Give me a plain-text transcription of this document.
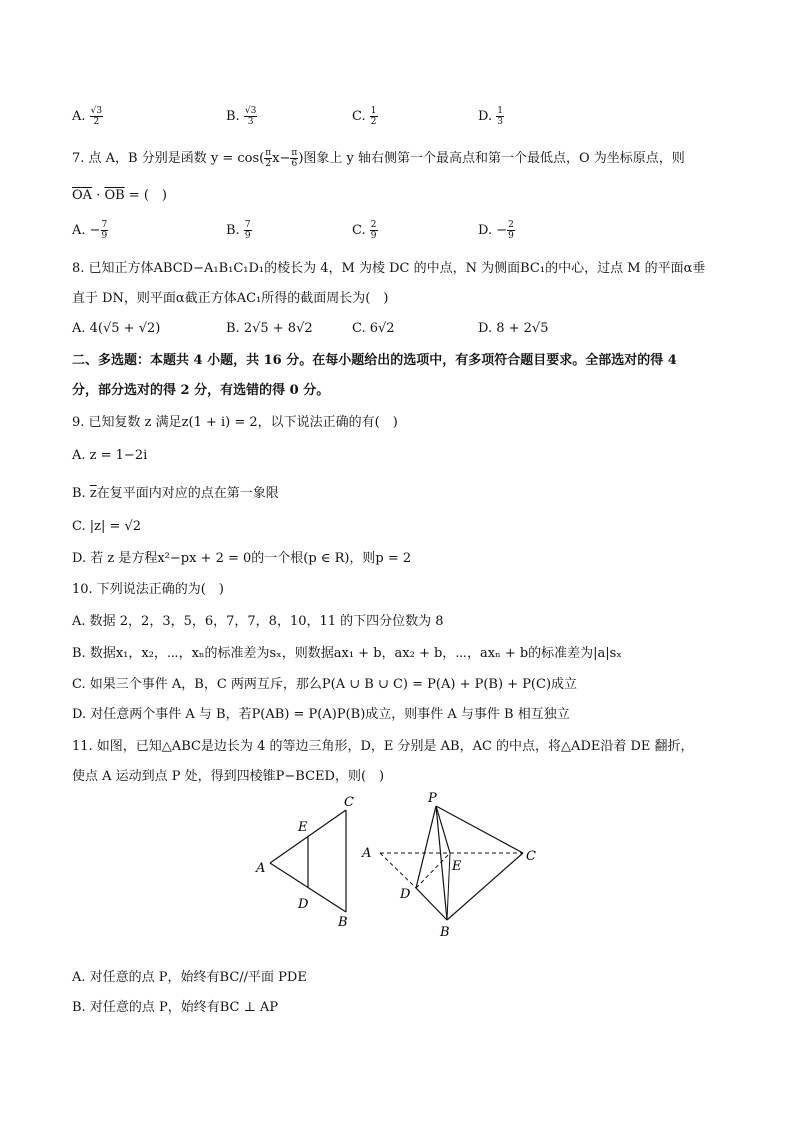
A. $\frac{√3}{2}$	B. $\frac{√3}{3}$	C. $\frac{1}{2}$	D. $\frac{1}{3}$
7. 点 A，B 分别是函数 $y = \cos( \frac{\pi}{2} x- \frac{\pi}{6}$ )图象上 y 轴右侧第一个最高点和第一个最低点，O 为坐标原点，则
$\overline{OA} \cdot \overline{OB}$ = (　)
A. − $\frac{7}{9}$	B. $\frac{7}{9}$	C. $\frac{2}{9}$	D. − $\frac{2}{9}$
8. 已知正方体ABCD−A₁B₁C₁D₁的棱长为 4，M 为棱 DC 的中点，N 为侧面BC₁的中心，过点 M 的平面α垂
直于 DN，则平面α截正方体AC₁所得的截面周长为(　)
A. 4(√5 + √2)	B. 2√5 + 8√2	C. 6√2	D. 8 + 2√5
二、多选题：本题共 4 小题，共 16 分。在每小题给出的选项中，有多项符合题目要求。全部选对的得 4
分，部分选对的得 2 分，有选错的得 0 分。
9. 已知复数 z 满足z(1 + i) = 2，以下说法正确的有(　)
A. z = 1−2i
B. $\overline{z}$在复平面内对应的点在第一象限
C. |z| = √2
D. 若 z 是方程x²−px + 2 = 0的一个根(p ∈ R)，则p = 2
10. 下列说法正确的为(　)
A. 数据 2，2，3，5，6，7，7，8，10，11 的下四分位数为 8
B. 数据x₁，x₂，⋯，xₙ的标准差为sₓ，则数据ax₁ + b，ax₂ + b，⋯，axₙ + b的标准差为|a|sₓ
C. 如果三个事件 A，B，C 两两互斥，那么P(A ∪ B ∪ C) = P(A) + P(B) + P(C)成立
D. 对任意两个事件 A 与 B，若P(AB) = P(A)P(B)成立，则事件 A 与事件 B 相互独立
11. 如图，已知△ABC是边长为 4 的等边三角形，D，E 分别是 AB，AC 的中点，将△ADE沿着 DE 翻折，
使点 A 运动到点 P 处，得到四棱锥P−BCED，则(　)
A
B
C
D
E
P
A
B
C
D
E
A. 对任意的点 P，始终有BC//平面 PDE
B. 对任意的点 P，始终有BC ⊥ AP
